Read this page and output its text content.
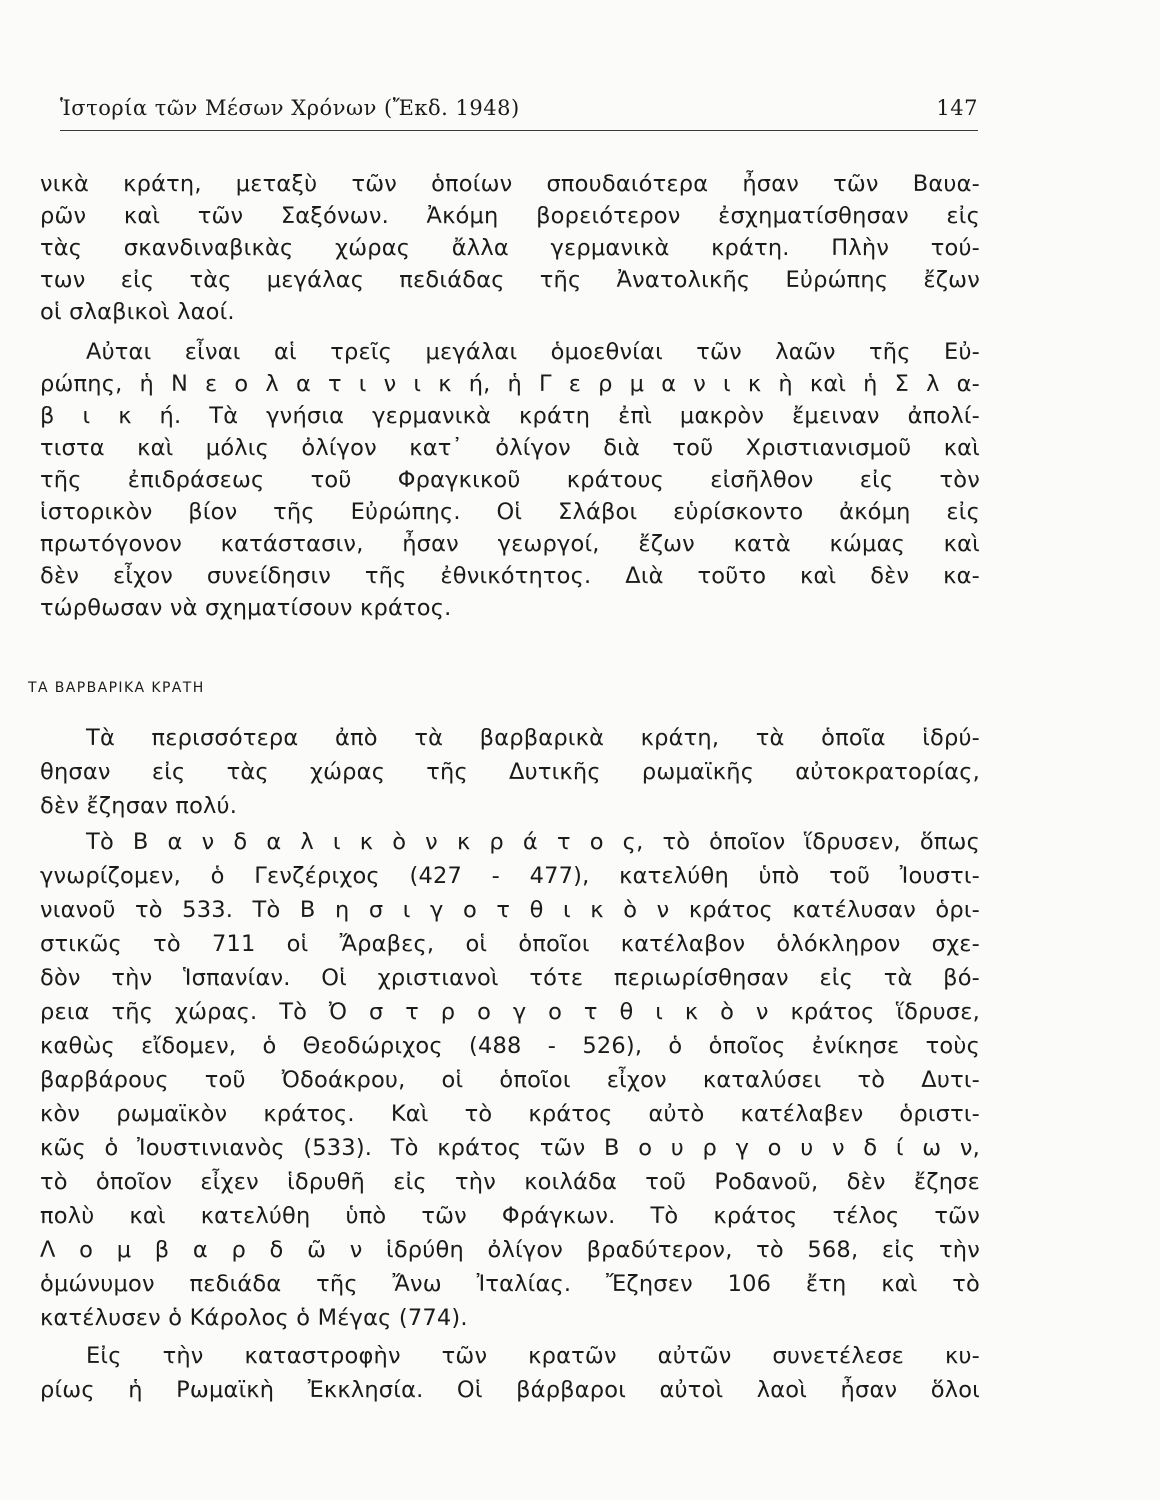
Ἱστορία τῶν Μέσων Χρόνων (Ἔκδ. 1948)	147
νικὰ κράτη, μεταξὺ τῶν ὁποίων σπουδαιότερα ἦσαν τῶν Βαυα-
ρῶν καὶ τῶν Σαξόνων. Ἀκόμη βορειότερον ἐσχηματίσθησαν εἰς
τὰς σκανδιναβικὰς χώρας ἄλλα γερμανικὰ κράτη. Πλὴν τού-
των εἰς τὰς μεγάλας πεδιάδας τῆς Ἀνατολικῆς Εὐρώπης ἔζων
οἱ σλαβικοὶ λαοί.
Αὐται εἶναι αἱ τρεῖς μεγάλαι ὁμοεθνίαι τῶν λαῶν τῆς Εὐ-
ρώπης, ἡ Ν ε ο λ α τ ι ν ι κ ή, ἡ Γ ε ρ μ α ν ι κ ὴ καὶ ἡ Σ λ α-
β ι κ ή. Τὰ γνήσια γερμανικὰ κράτη ἐπὶ μακρὸν ἔμειναν ἀπολί-
τιστα καὶ μόλις ὀλίγον κατ᾽ ὀλίγον διὰ τοῦ Χριστιανισμοῦ καὶ
τῆς ἐπιδράσεως τοῦ Φραγκικοῦ κράτους εἰσῆλθον εἰς τὸν
ἱστορικὸν βίον τῆς Εὐρώπης. Οἱ Σλάβοι εὑρίσκοντο ἀκόμη εἰς
πρωτόγονον κατάστασιν, ἦσαν γεωργοί, ἔζων κατὰ κώμας καὶ
δὲν εἶχον συνείδησιν τῆς ἐθνικότητος. Διὰ τοῦτο καὶ δὲν κα-
τώρθωσαν νὰ σχηματίσουν κράτος.
ΤΑ ΒΑΡΒΑΡΙΚΑ ΚΡΑΤΗ
Τὰ περισσότερα ἀπὸ τὰ βαρβαρικὰ κράτη, τὰ ὁποῖα ἱδρύ-
θησαν εἰς τὰς χώρας τῆς Δυτικῆς ρωμαϊκῆς αὐτοκρατορίας,
δὲν ἔζησαν πολύ.
Τὸ Β α ν δ α λ ι κ ὸ ν κ ρ ά τ ο ς, τὸ ὁποῖον ἵδρυσεν, ὅπως
γνωρίζομεν, ὁ Γενζέριχος (427 - 477), κατελύθη ὑπὸ τοῦ Ἰουστι-
νιανοῦ τὸ 533. Τὸ Β η σ ι γ ο τ θ ι κ ὸ ν κράτος κατέλυσαν ὁρι-
στικῶς τὸ 711 οἱ Ἄραβες, οἱ ὁποῖοι κατέλαβον ὁλόκληρον σχε-
δὸν τὴν Ἱσπανίαν. Οἱ χριστιανοὶ τότε περιωρίσθησαν εἰς τὰ βό-
ρεια τῆς χώρας. Τὸ Ὀ σ τ ρ ο γ ο τ θ ι κ ὸ ν κράτος ἵδρυσε,
καθὼς εἴδομεν, ὁ Θεοδώριχος (488 - 526), ὁ ὁποῖος ἐνίκησε τοὺς
βαρβάρους τοῦ Ὀδοάκρου, οἱ ὁποῖοι εἶχον καταλύσει τὸ Δυτι-
κὸν ρωμαϊκὸν κράτος. Καὶ τὸ κράτος αὐτὸ κατέλαβεν ὁριστι-
κῶς ὁ Ἰουστινιανὸς (533). Τὸ κράτος τῶν Β ο υ ρ γ ο υ ν δ ί ω ν,
τὸ ὁποῖον εἶχεν ἱδρυθῆ εἰς τὴν κοιλάδα τοῦ Ροδανοῦ, δὲν ἔζησε
πολὺ καὶ κατελύθη ὑπὸ τῶν Φράγκων. Τὸ κράτος τέλος τῶν
Λ ο μ β α ρ δ ῶ ν ἱδρύθη ὀλίγον βραδύτερον, τὸ 568, εἰς τὴν
ὁμώνυμον πεδιάδα τῆς Ἄνω Ἰταλίας. Ἔζησεν 106 ἔτη καὶ τὸ
κατέλυσεν ὁ Κάρολος ὁ Μέγας (774).
Εἰς τὴν καταστροφὴν τῶν κρατῶν αὐτῶν συνετέλεσε κυ-
ρίως ἡ Ρωμαϊκὴ Ἐκκλησία. Οἱ βάρβαροι αὐτοὶ λαοὶ ἦσαν ὅλοι
